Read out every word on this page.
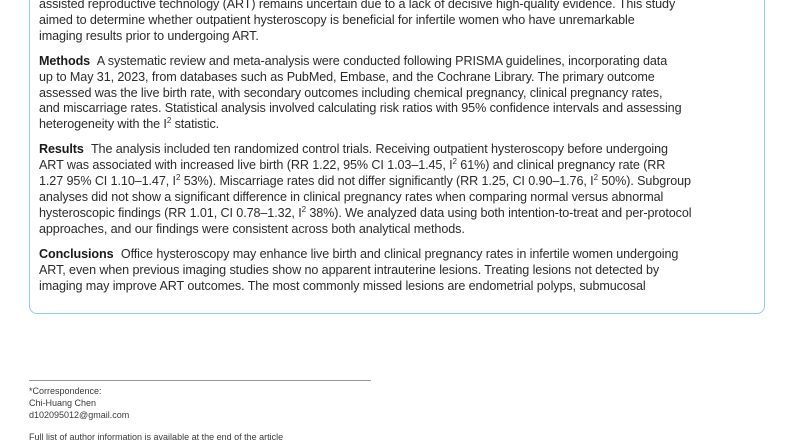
assisted reproductive technology (ART) remains uncertain due to a lack of decisive high-quality evidence. This study
aimed to determine whether outpatient hysteroscopy is beneficial for infertile women who have unremarkable
imaging results prior to undergoing ART.
Methods A systematic review and meta-analysis were conducted following PRISMA guidelines, incorporating data
up to May 31, 2023, from databases such as PubMed, Embase, and the Cochrane Library. The primary outcome
assessed was the live birth rate, with secondary outcomes including chemical pregnancy, clinical pregnancy rates,
and miscarriage rates. Statistical analysis involved calculating risk ratios with 95% confidence intervals and assessing
heterogeneity with the $I^2$ statistic.
Results The analysis included ten randomized control trials. Receiving outpatient hysteroscopy before undergoing
ART was associated with increased live birth (RR 1.22, 95% CI 1.03–1.45, $I^2$ 61%) and clinical pregnancy rate (RR
1.27 95% CI 1.10–1.47, $I^2$ 53%). Miscarriage rates did not differ significantly (RR 1.25, CI 0.90–1.76, $I^2$ 50%). Subgroup
analyses did not show a significant difference in clinical pregnancy rates when comparing normal versus abnormal
hysteroscopic findings (RR 1.01, CI 0.78–1.32, $I^2$ 38%). We analyzed data using both intention-to-treat and per-protocol
approaches, and our findings were consistent across both analytical methods.
Conclusions Office hysteroscopy may enhance live birth and clinical pregnancy rates in infertile women undergoing
ART, even when previous imaging studies show no apparent intrauterine lesions. Treating lesions not detected by
imaging may improve ART outcomes. The most commonly missed lesions are endometrial polyps, submucosal
*Correspondence:
Chi-Huang Chen
d102095012@gmail.com
Full list of author information is available at the end of the article
